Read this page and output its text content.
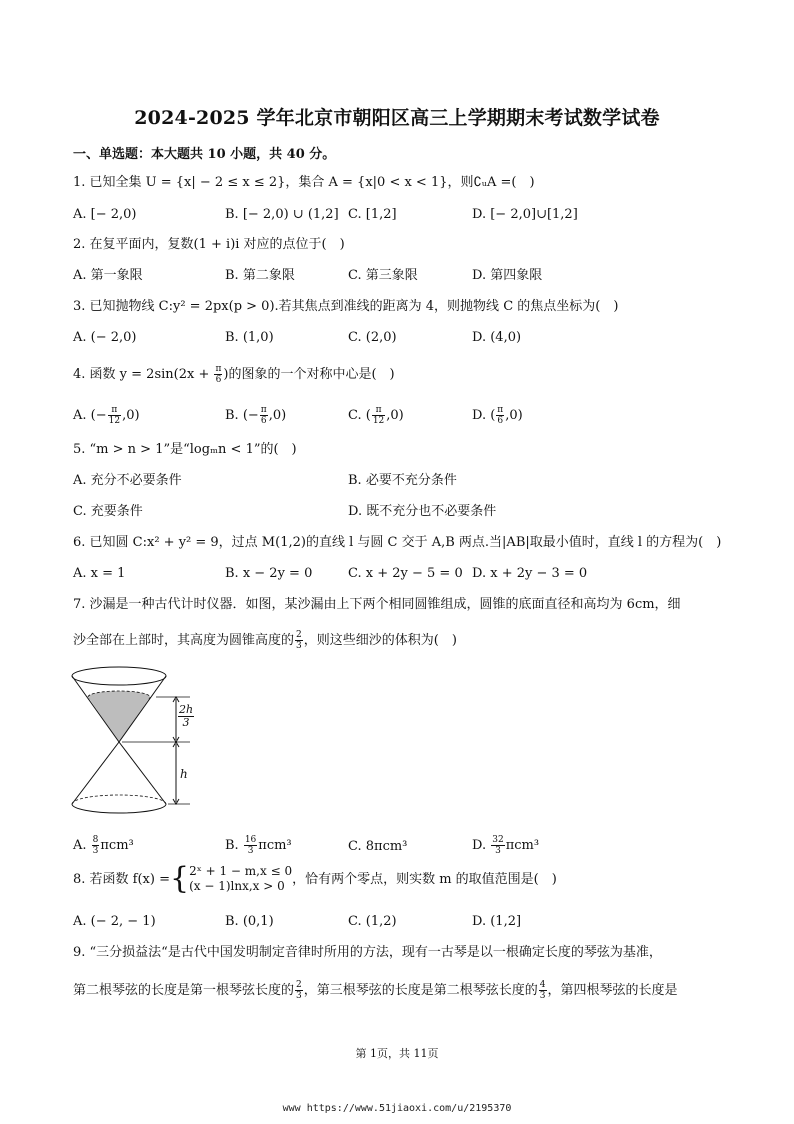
2024-2025 学年北京市朝阳区高三上学期期末考试数学试卷
一、单选题：本大题共 10 小题，共 40 分。
1. 已知全集 U = {x| − 2 ≤ x ≤ 2}，集合 A = {x|0 < x < 1}，则∁ᵤA =(　)
A. [− 2,0)	B. [− 2,0) ∪ (1,2] C. [1,2]	D. [− 2,0]∪[1,2]
2. 在复平面内，复数(1 + i)i 对应的点位于(　)
A. 第一象限	B. 第二象限	C. 第三象限	D. 第四象限
3. 已知抛物线 C:y² = 2px(p > 0).若其焦点到准线的距离为 4，则抛物线 C 的焦点坐标为(　)
A. (− 2,0)	B. (1,0)	C. (2,0)	D. (4,0)
4. 函数 $y = 2\sin(2x + \frac{\pi}{6}$ )的图象的一个对称中心是(　)
A. (− $\frac{\pi}{12} ,0$)	B. (− $\frac{\pi}{6} ,0$)	C. ( $\frac{\pi}{12} ,0$)	D. ( $\frac{\pi}{6} ,0$)
5. “m > n > 1”是“logₘn < 1”的(　)
A. 充分不必要条件	B. 必要不充分条件
C. 充要条件	D. 既不充分也不必要条件
6. 已知圆 C:x² + y² = 9，过点 M(1,2)的直线 l 与圆 C 交于 A,B 两点.当|AB|取最小值时，直线 l 的方程为(　)
A. x = 1	B. x − 2y = 0	C. x + 2y − 5 = 0 D. x + 2y − 3 = 0
7. 沙漏是一种古代计时仪器．如图，某沙漏由上下两个相同圆锥组成，圆锥的底面直径和高均为 6cm，细
沙全部在上部时，其高度为圆锥高度的 $\frac{2}{3}$ ，则这些细沙的体积为(　)
$\frac{2h}{3}$
h
A. $\frac{8}{3} \pi cm^3$	B. $\frac{16}{3} \pi cm^3$	C. 8πcm³	D. $\frac{32}{3} \pi cm^3$
8. 若函数 f(x) = { 2ˣ + 1 − m,x ≤ 0
(x − 1)lnx,x > 0 ，恰有两个零点，则实数 m 的取值范围是(　)
A. (− 2, − 1)	B. (0,1)	C. (1,2)	D. (1,2]
9. “三分损益法“是古代中国发明制定音律时所用的方法，现有一古琴是以一根确定长度的琴弦为基准，
第二根琴弦的长度是第一根琴弦长度的 $\frac{2}{3}$ ，第三根琴弦的长度是第二根琴弦长度的 $\frac{4}{3}$ ，第四根琴弦的长度是
第 1页，共 11页
www https://www.51jiaoxi.com/u/2195370
